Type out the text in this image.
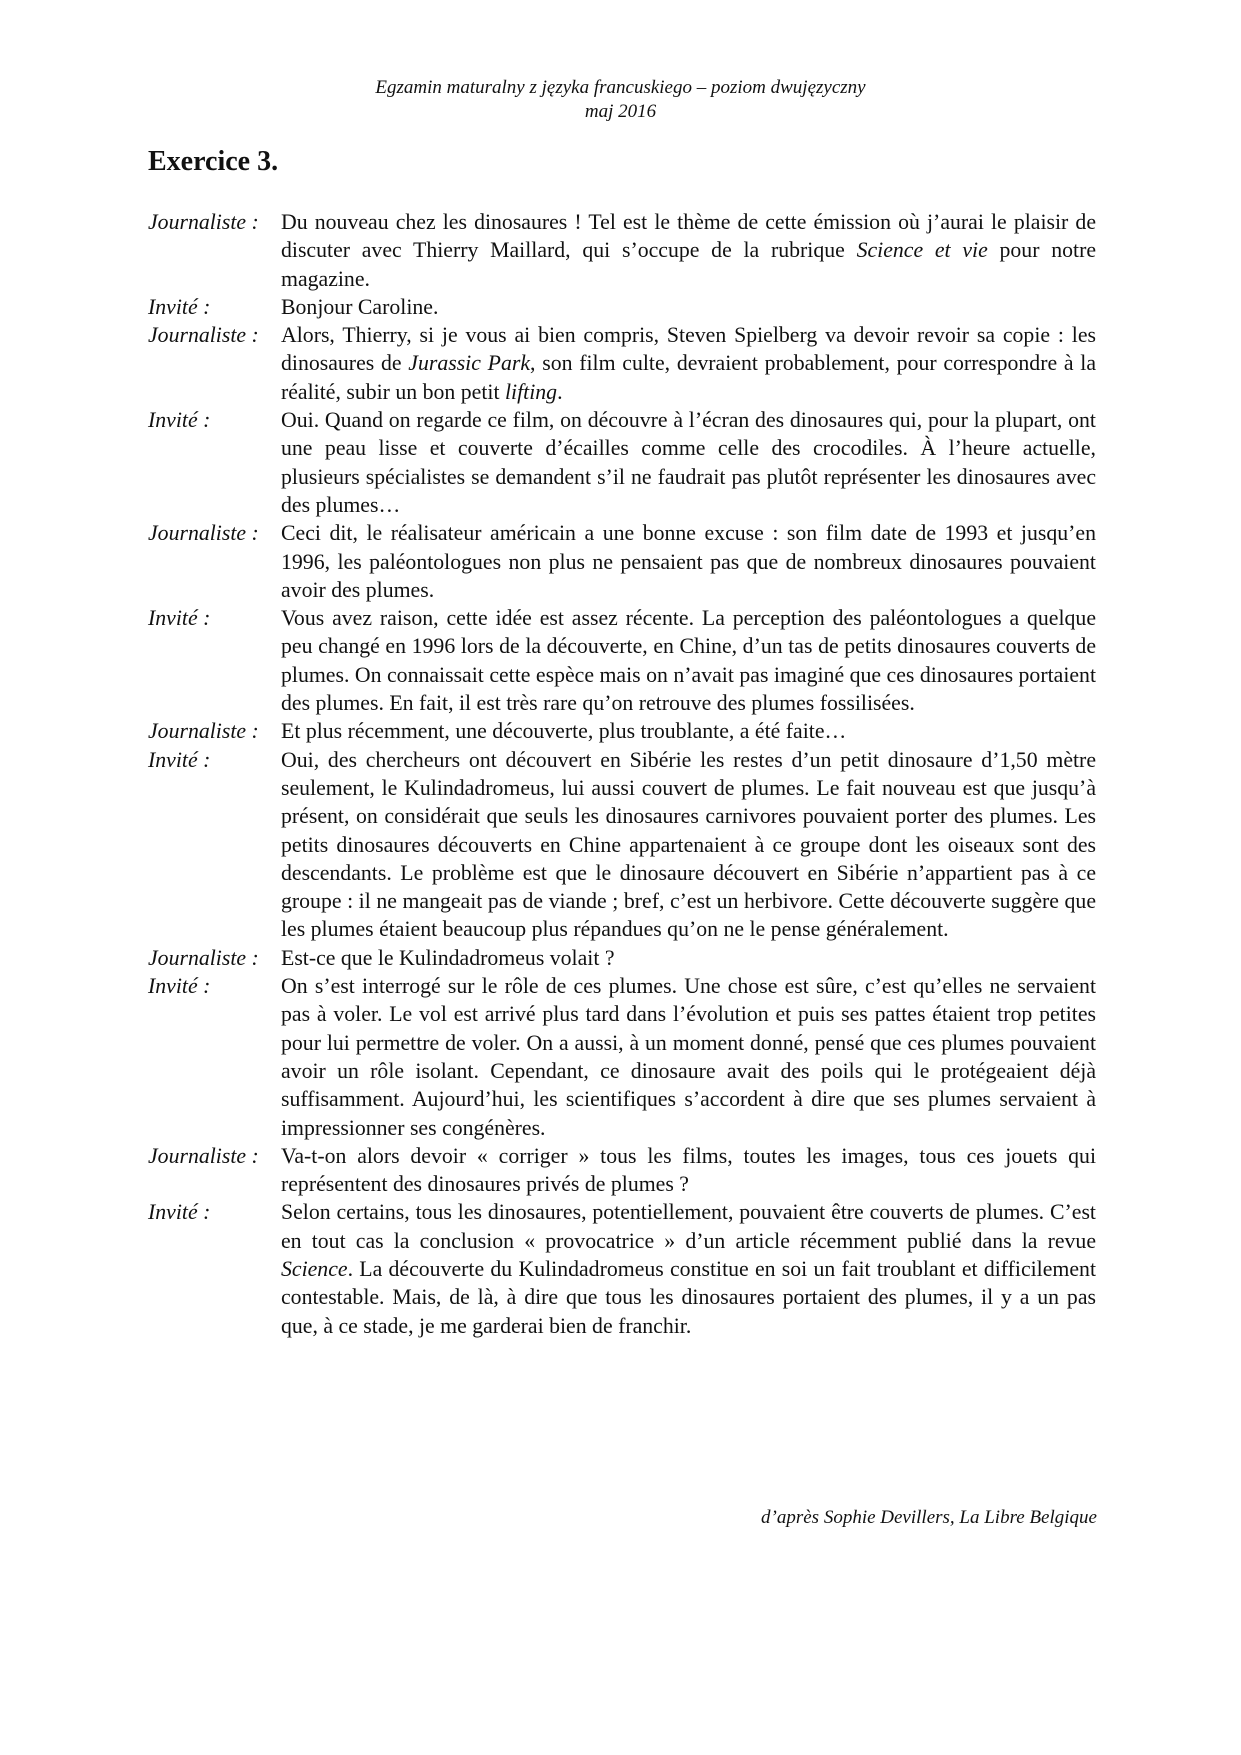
Egzamin maturalny z języka francuskiego – poziom dwujęzyczny
maj 2016
Exercice 3.
Journaliste :	Du nouveau chez les dinosaures ! Tel est le thème de cette émission où j’aurai le plaisir de discuter avec Thierry Maillard, qui s’occupe de la rubrique Science et vie pour notre magazine.
Invité :	Bonjour Caroline.
Journaliste :	Alors, Thierry, si je vous ai bien compris, Steven Spielberg va devoir revoir sa copie : les dinosaures de Jurassic Park, son film culte, devraient probablement, pour correspondre à la réalité, subir un bon petit lifting.
Invité :	Oui. Quand on regarde ce film, on découvre à l’écran des dinosaures qui, pour la plupart, ont une peau lisse et couverte d’écailles comme celle des crocodiles. À l’heure actuelle, plusieurs spécialistes se demandent s’il ne faudrait pas plutôt représenter les dinosaures avec des plumes…
Journaliste :	Ceci dit, le réalisateur américain a une bonne excuse : son film date de 1993 et jusqu’en 1996, les paléontologues non plus ne pensaient pas que de nombreux dinosaures pouvaient avoir des plumes.
Invité :	Vous avez raison, cette idée est assez récente. La perception des paléontologues a quelque peu changé en 1996 lors de la découverte, en Chine, d’un tas de petits dinosaures couverts de plumes. On connaissait cette espèce mais on n’avait pas imaginé que ces dinosaures portaient des plumes. En fait, il est très rare qu’on retrouve des plumes fossilisées.
Journaliste :	Et plus récemment, une découverte, plus troublante, a été faite…
Invité :	Oui, des chercheurs ont découvert en Sibérie les restes d’un petit dinosaure d’1,50 mètre seulement, le Kulindadromeus, lui aussi couvert de plumes. Le fait nouveau est que jusqu’à présent, on considérait que seuls les dinosaures carnivores pouvaient porter des plumes. Les petits dinosaures découverts en Chine appartenaient à ce groupe dont les oiseaux sont des descendants. Le problème est que le dinosaure découvert en Sibérie n’appartient pas à ce groupe : il ne mangeait pas de viande ; bref, c’est un herbivore. Cette découverte suggère que les plumes étaient beaucoup plus répandues qu’on ne le pense généralement.
Journaliste :	Est-ce que le Kulindadromeus volait ?
Invité :	On s’est interrogé sur le rôle de ces plumes. Une chose est sûre, c’est qu’elles ne servaient pas à voler. Le vol est arrivé plus tard dans l’évolution et puis ses pattes étaient trop petites pour lui permettre de voler. On a aussi, à un moment donné, pensé que ces plumes pouvaient avoir un rôle isolant. Cependant, ce dinosaure avait des poils qui le protégeaient déjà suffisamment. Aujourd’hui, les scientifiques s’accordent à dire que ses plumes servaient à impressionner ses congénères.
Journaliste :	Va-t-on alors devoir « corriger » tous les films, toutes les images, tous ces jouets qui représentent des dinosaures privés de plumes ?
Invité :	Selon certains, tous les dinosaures, potentiellement, pouvaient être couverts de plumes. C’est en tout cas la conclusion « provocatrice » d’un article récemment publié dans la revue Science. La découverte du Kulindadromeus constitue en soi un fait troublant et difficilement contestable. Mais, de là, à dire que tous les dinosaures portaient des plumes, il y a un pas que, à ce stade, je me garderai bien de franchir.
d’après Sophie Devillers, La Libre Belgique
